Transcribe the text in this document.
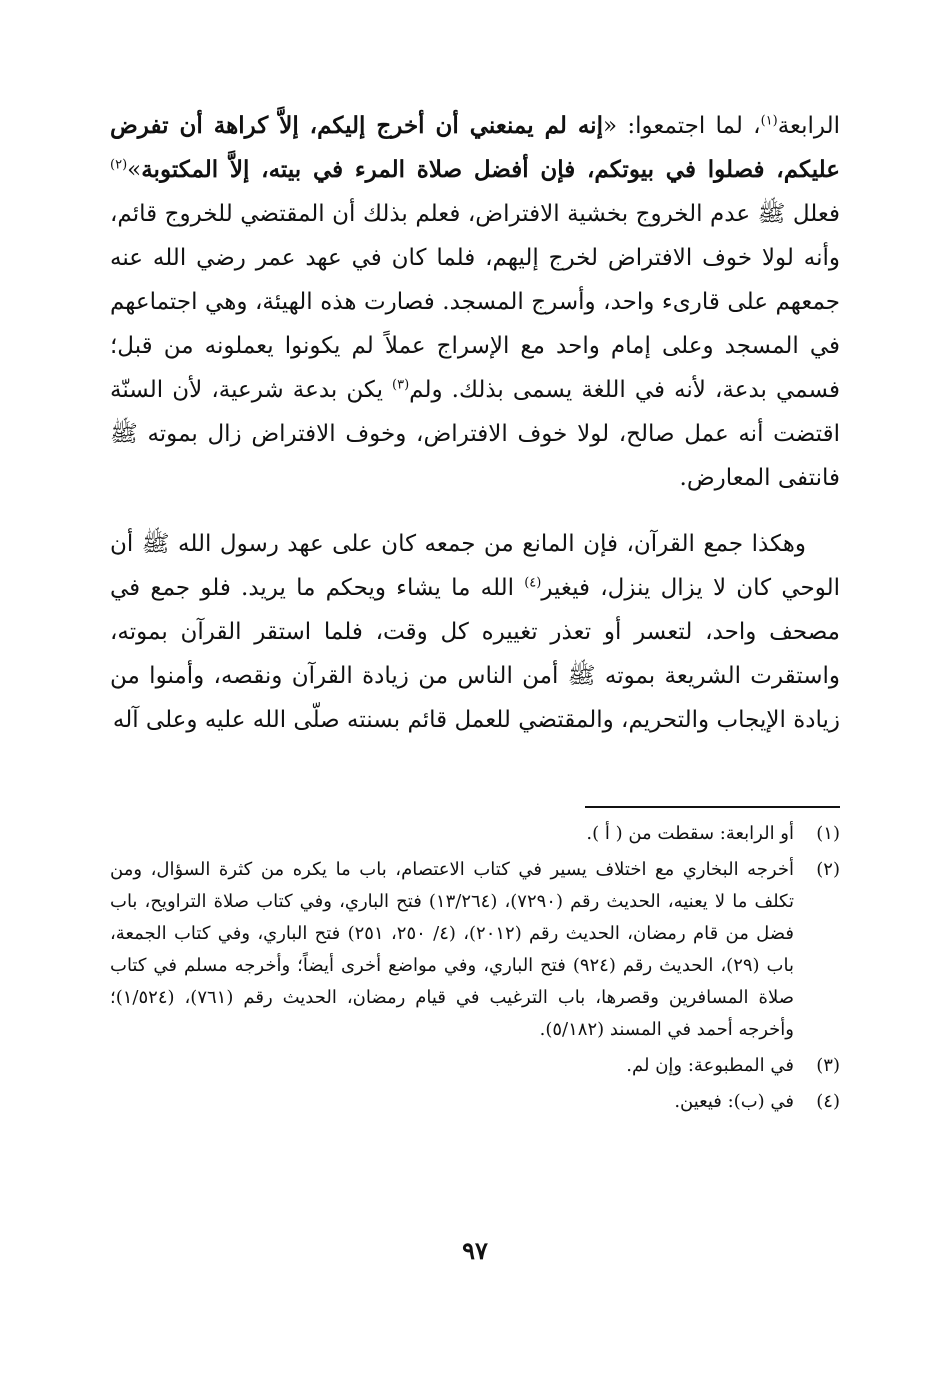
الرابعة$^{(١)}$، لما اجتمعوا: «إنه لم يمنعني أن أخرج إليكم، إلاَّ كراهة أن تفرض عليكم، فصلوا في بيوتكم، فإن أفضل صلاة المرء في بيته، إلاَّ المكتوبة»$^{(٢)}$ فعلل ﷺ عدم الخروج بخشية الافتراض، فعلم بذلك أن المقتضي للخروج قائم، وأنه لولا خوف الافتراض لخرج إليهم، فلما كان في عهد عمر رضي الله عنه جمعهم على قارىء واحد، وأسرج المسجد. فصارت هذه الهيئة، وهي اجتماعهم في المسجد وعلى إمام واحد مع الإسراج عملاً لم يكونوا يعملونه من قبل؛ فسمي بدعة، لأنه في اللغة يسمى بذلك. ولم$^{(٣)}$ يكن بدعة شرعية، لأن السنّة اقتضت أنه عمل صالح، لولا خوف الافتراض، وخوف الافتراض زال بموته ﷺ فانتفى المعارض.

وهكذا جمع القرآن، فإن المانع من جمعه كان على عهد رسول الله ﷺ أن الوحي كان لا يزال ينزل، فيغير$^{(٤)}$ الله ما يشاء ويحكم ما يريد. فلو جمع في مصحف واحد، لتعسر أو تعذر تغييره كل وقت، فلما استقر القرآن بموته، واستقرت الشريعة بموته ﷺ أمن الناس من زيادة القرآن ونقصه، وأمنوا من زيادة الإيجاب والتحريم، والمقتضي للعمل قائم بسنته صلّى الله عليه وعلى آله

(١)
أو الرابعة: سقطت من ( أ ).
(٢)
أخرجه البخاري مع اختلاف يسير في كتاب الاعتصام، باب ما يكره من كثرة السؤال، ومن تكلف ما لا يعنيه، الحديث رقم (٧٢٩٠)، (١٣/٢٦٤) فتح الباري، وفي كتاب صلاة التراويح، باب فضل من قام رمضان، الحديث رقم (٢٠١٢)، (٤/ ٢٥٠، ٢٥١) فتح الباري، وفي كتاب الجمعة، باب (٢٩)، الحديث رقم (٩٢٤) فتح الباري، وفي مواضع أخرى أيضاً؛ وأخرجه مسلم في كتاب صلاة المسافرين وقصرها، باب الترغيب في قيام رمضان، الحديث رقم (٧٦١)، (١/٥٢٤)؛ وأخرجه أحمد في المسند (٥/١٨٢).
(٣)
في المطبوعة: وإن لم.
(٤)
في (ب): فيعين.
٩٧
